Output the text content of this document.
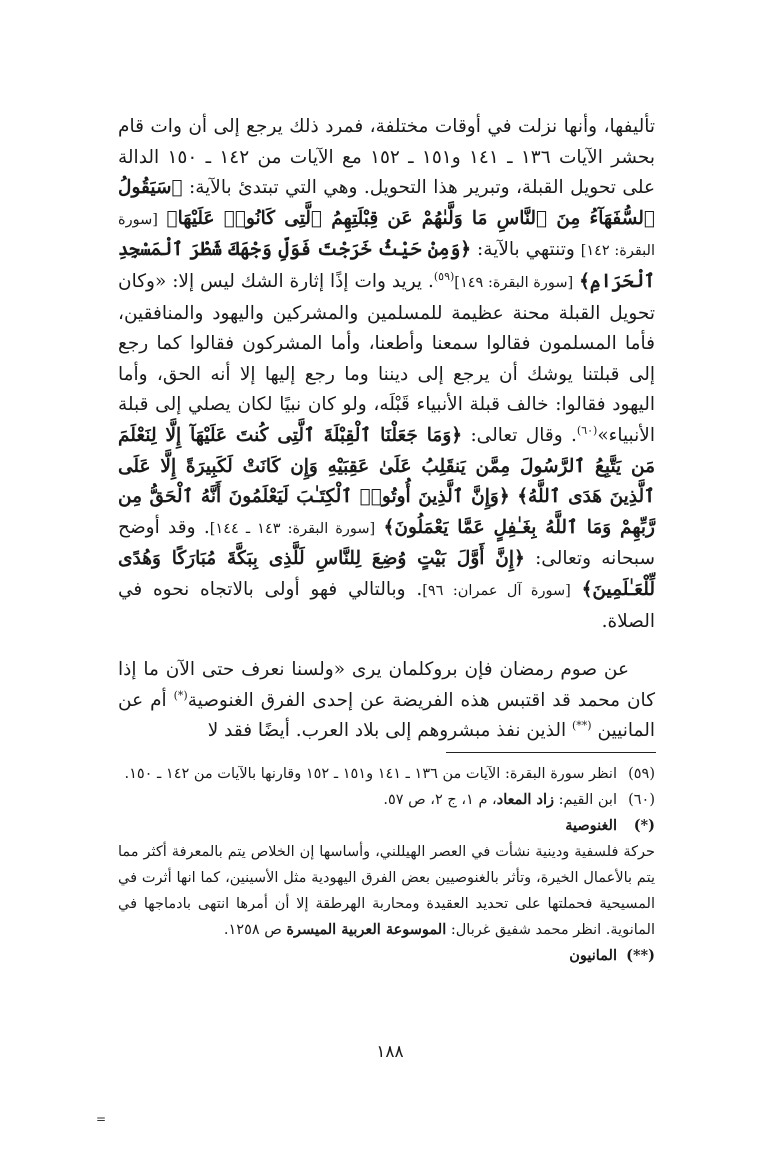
تأليفها، وأنها نزلت في أوقات مختلفة، فمرد ذلك يرجع إلى أن وات قام بحشر الآيات ١٣٦ ـ ١٤١ و١٥١ ـ ١٥٢ مع الآيات من ١٤٢ ـ ١٥٠ الدالة على تحويل القبلة، وتبرير هذا التحويل. وهي التي تبتدئ بالآية: ﴿سَيَقُولُ ٱلسُّفَهَآءُ مِنَ ٱلنَّاسِ مَا وَلَّىٰهُمْ عَن قِبْلَتِهِمُ ٱلَّتِى كَانُوا۟ عَلَيْهَا﴾ [سورة البقرة: ١٤٢] وتنتهي بالآية: ﴿وَمِنْ حَيْثُ خَرَجْتَ فَوَلِّ وَجْهَكَ شَطْرَ ٱلْمَسْجِدِ ٱلْحَرَامِ﴾ [سورة البقرة: ١٤٩]$^{(٥٩)}$. يريد وات إذًا إثارة الشك ليس إلا: «وكان تحويل القبلة محنة عظيمة للمسلمين والمشركين واليهود والمنافقين، فأما المسلمون فقالوا سمعنا وأطعنا، وأما المشركون فقالوا كما رجع إلى قبلتنا يوشك أن يرجع إلى ديننا وما رجع إليها إلا أنه الحق، وأما اليهود فقالوا: خالف قبلة الأنبياء قَبْلَه، ولو كان نبيًا لكان يصلي إلى قبلة الأنبياء»$^{(٦٠)}$. وقال تعالى: ﴿وَمَا جَعَلْنَا ٱلْقِبْلَةَ ٱلَّتِى كُنتَ عَلَيْهَآ إِلَّا لِنَعْلَمَ مَن يَتَّبِعُ ٱلرَّسُولَ مِمَّن يَنقَلِبُ عَلَىٰ عَقِبَيْهِ وَإِن كَانَتْ لَكَبِيرَةً إِلَّا عَلَى ٱلَّذِينَ هَدَى ٱللَّهُ﴾ ﴿وَإِنَّ ٱلَّذِينَ أُوتُوا۟ ٱلْكِتَـٰبَ لَيَعْلَمُونَ أَنَّهُ ٱلْحَقُّ مِن رَّبِّهِمْ وَمَا ٱللَّهُ بِغَـٰفِلٍ عَمَّا يَعْمَلُونَ﴾ [سورة البقرة: ١٤٣ ـ ١٤٤]. وقد أوضح سبحانه وتعالى: ﴿إِنَّ أَوَّلَ بَيْتٍ وُضِعَ لِلنَّاسِ لَلَّذِى بِبَكَّةَ مُبَارَكًا وَهُدًى لِّلْعَـٰلَمِينَ﴾ [سورة آل عمران: ٩٦]. وبالتالي فهو أولى بالاتجاه نحوه في الصلاة.

عن صوم رمضان فإن بروكلمان يرى «ولسنا نعرف حتى الآن ما إذا كان محمد قد اقتبس هذه الفريضة عن إحدى الفرق الغنوصية(*) أم عن المانيين (**) الذين نفذ مبشروهم إلى بلاد العرب. أيضًا فقد لا

(٥٩)
انظر سورة البقرة: الآيات من ١٣٦ ـ ١٤١ و١٥١ ـ ١٥٢ وقارنها بالآيات من ١٤٢ ـ ١٥٠.
(٦٠)
ابن القيم: زاد المعاد، م ١، ج ٢، ص ٥٧.
(*)
الغنوصية
حركة فلسفية ودينية نشأت في العصر الهيللني، وأساسها إن الخلاص يتم بالمعرفة أكثر مما يتم بالأعمال الخيرة، وتأثر بالغنوصيين بعض الفرق اليهودية مثل الأسينين، كما انها أثرت في المسيحية فحملتها على تحديد العقيدة ومحاربة الهرطقة إلا أن أمرها انتهى بادماجها في المانوية. انظر محمد شفيق غربال: الموسوعة العربية الميسرة ص ١٢٥٨.
(**)
المانيون
١٨٨
=
